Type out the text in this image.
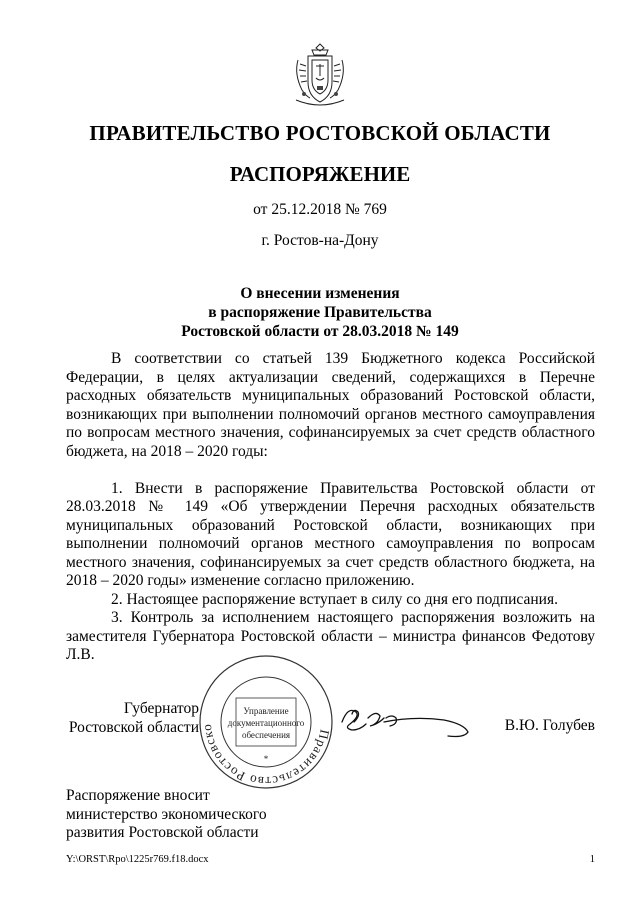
ПРАВИТЕЛЬСТВО РОСТОВСКОЙ ОБЛАСТИ
РАСПОРЯЖЕНИЕ
от 25.12.2018 № 769
г. Ростов-на-Дону
О внесении изменения
в распоряжение Правительства
Ростовской области от 28.03.2018 № 149

В соответствии со статьей 139 Бюджетного кодекса Российской Федерации, в целях актуализации сведений, содержащихся в Перечне расходных обязательств муниципальных образований Ростовской области, возникающих при выполнении полномочий органов местного самоуправления по вопросам местного значения, софинансируемых за счет средств областного бюджета, на 2018 – 2020 годы:

1. Внести в распоряжение Правительства Ростовской области от 28.03.2018 № 149 «Об утверждении Перечня расходных обязательств муниципальных образований Ростовской области, возникающих при выполнении полномочий органов местного самоуправления по вопросам местного значения, софинансируемых за счет средств областного бюджета, на 2018 – 2020 годы» изменение согласно приложению.

2. Настоящее распоряжение вступает в силу со дня его подписания.

3. Контроль за исполнением настоящего распоряжения возложить на заместителя Губернатора Ростовской области – министра финансов Федотову Л.В.

Губернатор
Ростовской области	Правительство Ростовско
Управление
документационного
обеспечения
*
В.Ю. Голубев
Распоряжение вносит
министерство экономического
развития Ростовской области
Y:\ORST\Rpo\1225r769.f18.docx	1
